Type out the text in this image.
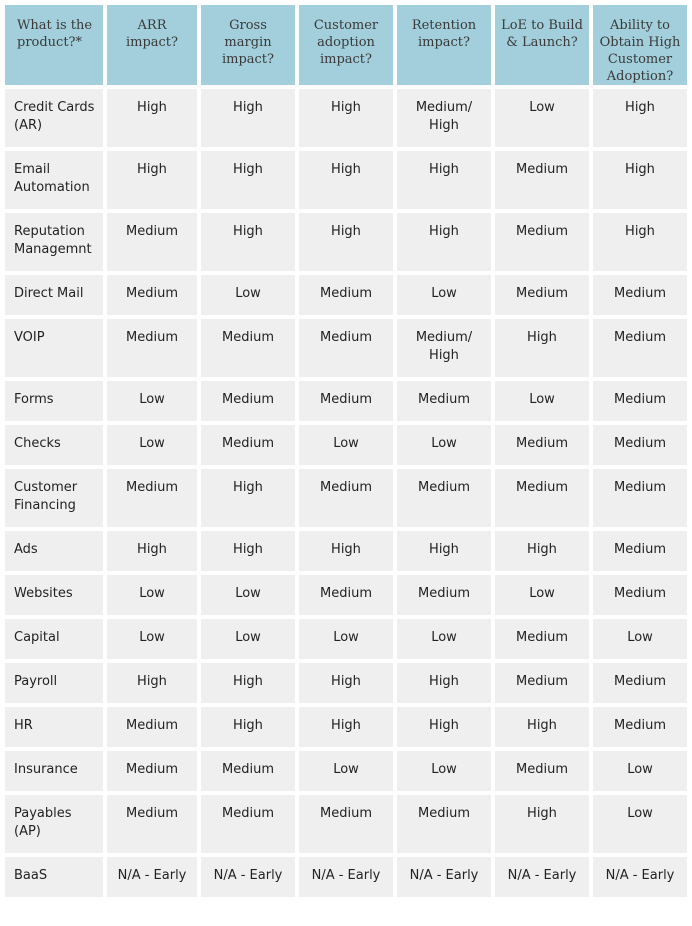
What is the product?*	ARR impact?	Gross margin impact?	Customer adoption impact?	Retention impact?	LoE to Build & Launch?	Ability to Obtain High Customer Adoption?
Credit Cards (AR)	High	High	High	Medium/ High	Low	High
Email Automation	High	High	High	High	Medium	High
Reputation Managemnt	Medium	High	High	High	Medium	High
Direct Mail	Medium	Low	Medium	Low	Medium	Medium
VOIP	Medium	Medium	Medium	Medium/ High	High	Medium
Forms	Low	Medium	Medium	Medium	Low	Medium
Checks	Low	Medium	Low	Low	Medium	Medium
Customer Financing	Medium	High	Medium	Medium	Medium	Medium
Ads	High	High	High	High	High	Medium
Websites	Low	Low	Medium	Medium	Low	Medium
Capital	Low	Low	Low	Low	Medium	Low
Payroll	High	High	High	High	Medium	Medium
HR	Medium	High	High	High	High	Medium
Insurance	Medium	Medium	Low	Low	Medium	Low
Payables (AP)	Medium	Medium	Medium	Medium	High	Low
BaaS	N/A - Early	N/A - Early	N/A - Early	N/A - Early	N/A - Early	N/A - Early
